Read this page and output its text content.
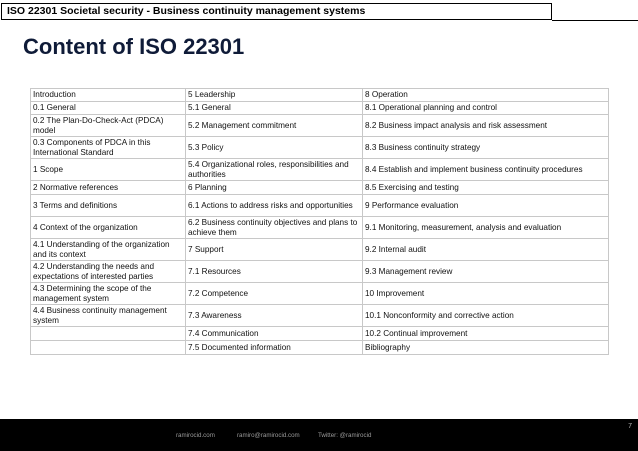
ISO 22301 Societal security - Business continuity management systems
Content of ISO 22301
Introduction	5 Leadership	8 Operation
0.1 General	5.1 General	8.1 Operational planning and control
0.2 The Plan-Do-Check-Act (PDCA) model	5.2 Management commitment	8.2 Business impact analysis and risk assessment
0.3 Components of PDCA in this International Standard	5.3 Policy	8.3 Business continuity strategy
1 Scope	5.4 Organizational roles, responsibilities and authorities	8.4 Establish and implement business continuity procedures
2 Normative references	6 Planning	8.5 Exercising and testing
3 Terms and definitions	6.1 Actions to address risks and opportunities	9 Performance evaluation
4 Context of the organization	6.2 Business continuity objectives and plans to achieve them	9.1 Monitoring, measurement, analysis and evaluation
4.1 Understanding of the organization and its context	7 Support	9.2 Internal audit
4.2 Understanding the needs and expectations of interested parties	7.1 Resources	9.3 Management review
4.3 Determining the scope of the management system	7.2 Competence	10 Improvement
4.4 Business continuity management system	7.3 Awareness	10.1 Nonconformity and corrective action
	7.4 Communication	10.2 Continual improvement
	7.5 Documented information	Bibliography
ramirocid.com	ramiro@ramirocid.com	Twitter: @ramirocid
7
